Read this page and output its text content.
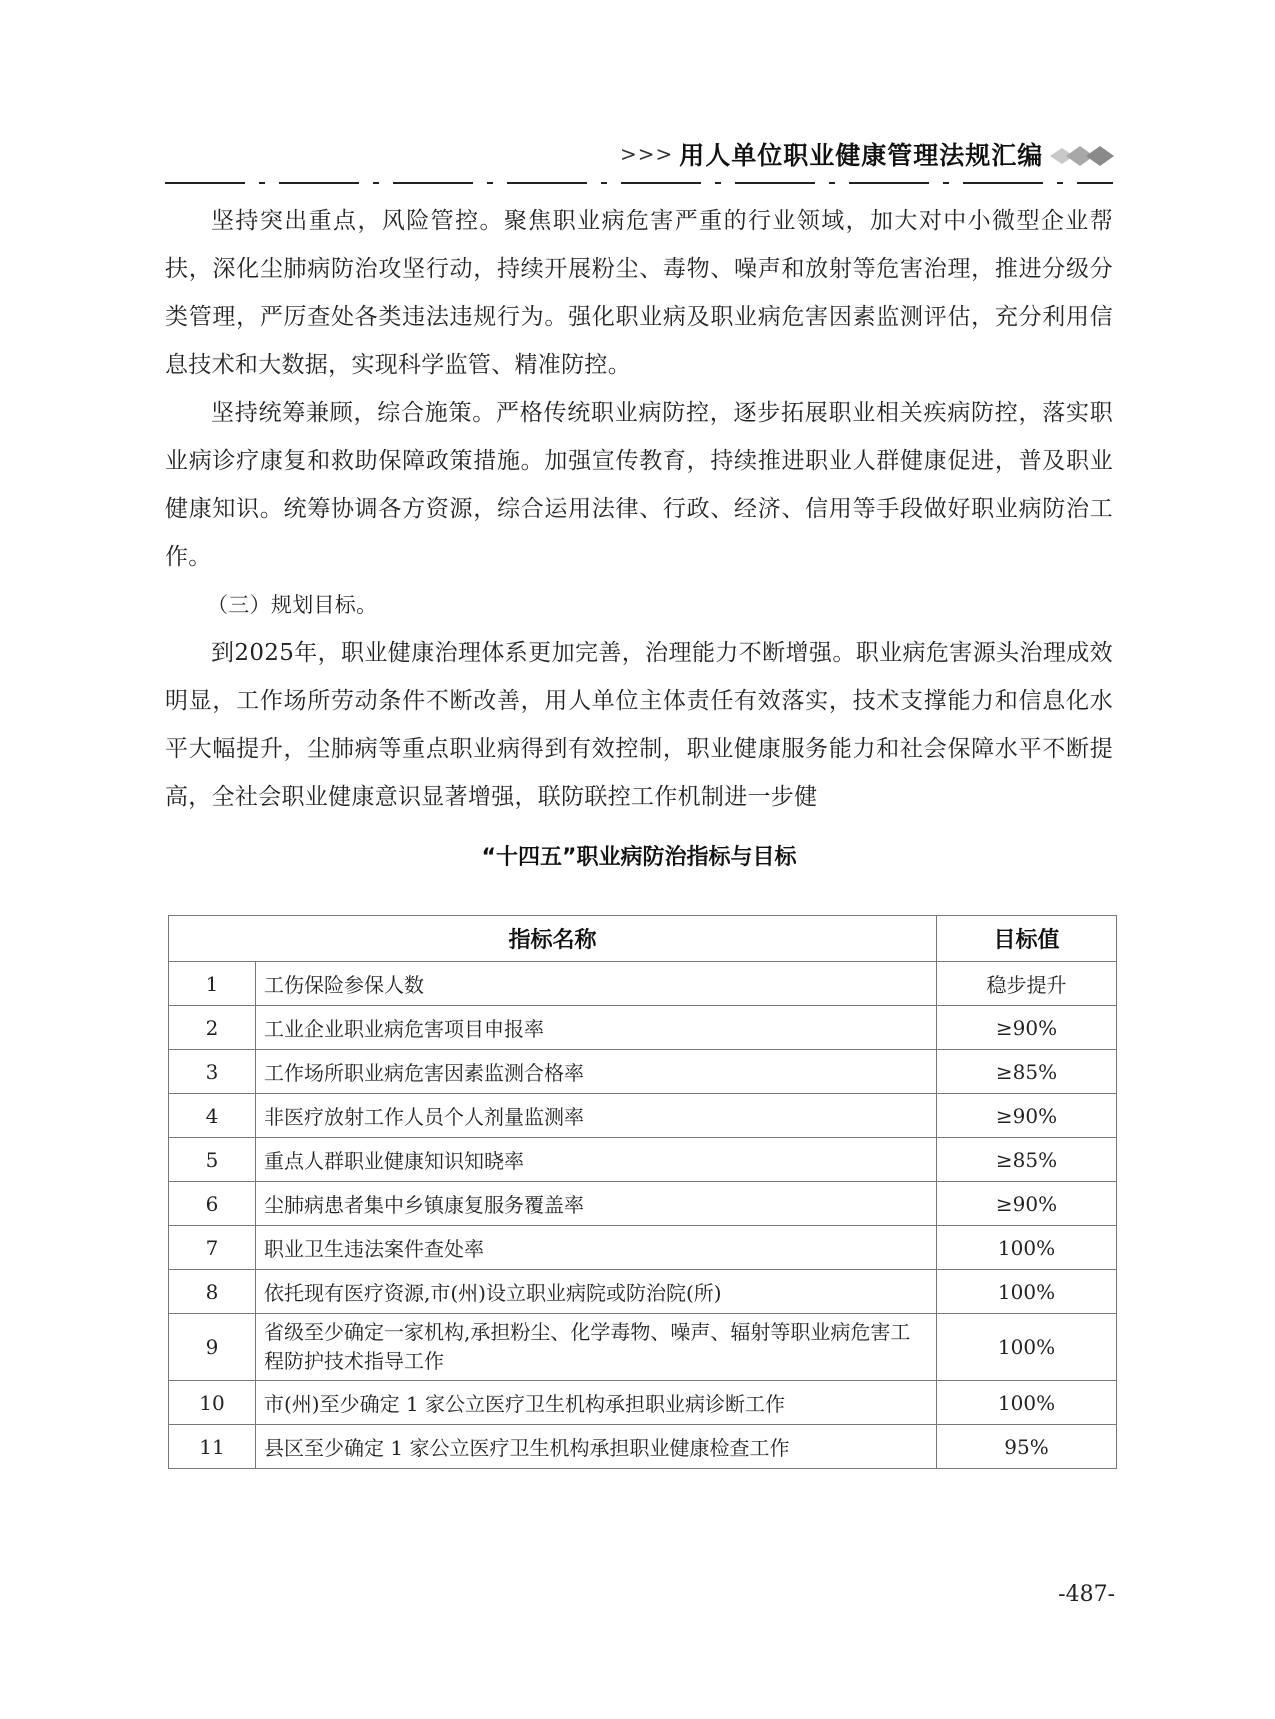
>>> 用人单位职业健康管理法规汇编

坚持突出重点，风险管控。聚焦职业病危害严重的行业领域，加大对中小微型企业帮扶，深化尘肺病防治攻坚行动，持续开展粉尘、毒物、噪声和放射等危害治理，推进分级分类管理，严厉查处各类违法违规行为。强化职业病及职业病危害因素监测评估，充分利用信息技术和大数据，实现科学监管、精准防控。

坚持统筹兼顾，综合施策。严格传统职业病防控，逐步拓展职业相关疾病防控，落实职业病诊疗康复和救助保障政策措施。加强宣传教育，持续推进职业人群健康促进，普及职业健康知识。统筹协调各方资源，综合运用法律、行政、经济、信用等手段做好职业病防治工作。

（三）规划目标。

到2025年，职业健康治理体系更加完善，治理能力不断增强。职业病危害源头治理成效明显，工作场所劳动条件不断改善，用人单位主体责任有效落实，技术支撑能力和信息化水平大幅提升，尘肺病等重点职业病得到有效控制，职业健康服务能力和社会保障水平不断提高，全社会职业健康意识显著增强，联防联控工作机制进一步健

“十四五”职业病防治指标与目标
指标名称		目标值
1	工伤保险参保人数	稳步提升
2	工业企业职业病危害项目申报率	≥90%
3	工作场所职业病危害因素监测合格率	≥85%
4	非医疗放射工作人员个人剂量监测率	≥90%
5	重点人群职业健康知识知晓率	≥85%
6	尘肺病患者集中乡镇康复服务覆盖率	≥90%
7	职业卫生违法案件查处率	100%
8	依托现有医疗资源,市(州)设立职业病院或防治院(所)	100%
9	省级至少确定一家机构,承担粉尘、化学毒物、噪声、辐射等职业病危害工程防护技术指导工作	100%
10	市(州)至少确定 1 家公立医疗卫生机构承担职业病诊断工作	100%
11	县区至少确定 1 家公立医疗卫生机构承担职业健康检查工作	95%
-487-
